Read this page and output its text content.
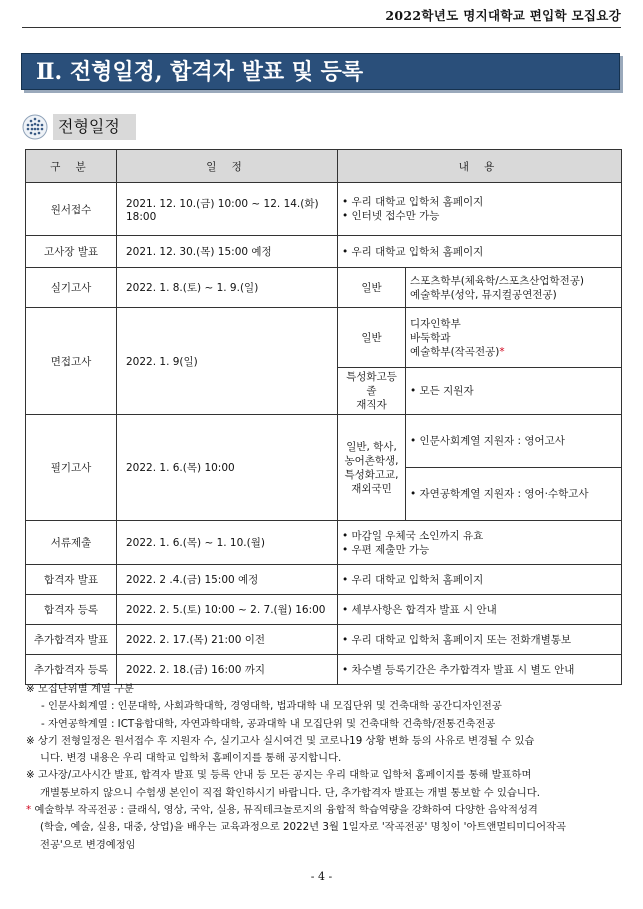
2022학년도 명지대학교 편입학 모집요강
Ⅱ. 전형일정, 합격자 발표 및 등록
전형일정
구 분	일 정	내 용	
원서접수	2021. 12. 10.(금) 10:00 ~ 12. 14.(화) 18:00	• 우리 대학교 입학처 홈페이지
• 인터넷 접수만 가능	

고사장 발표	2021. 12. 30.(목) 15:00 예정	• 우리 대학교 입학처 홈페이지	

실기고사	2022. 1. 8.(토) ~ 1. 9.(일)	일반	스포츠학부(체육학/스포츠산업학전공)
예술학부(성악, 뮤지컬공연전공)

면접고사	2022. 1. 9(일)	일반	디자인학부
바둑학과
예술학부(작곡전공)*

		특성화고등졸
재직자	• 모든 지원자

필기고사	2022. 1. 6.(목) 10:00	일반, 학사,
농어촌학생,
특성화고교,
재외국민	• 인문사회계열 지원자 : 영어고사

			• 자연공학계열 지원자 : 영어·수학고사

서류제출	2022. 1. 6.(목) ~ 1. 10.(월)	• 마감일 우체국 소인까지 유효
• 우편 제출만 가능	

합격자 발표	2022. 2 .4.(금) 15:00 예정	• 우리 대학교 입학처 홈페이지	

합격자 등록	2022. 2. 5.(토) 10:00 ~ 2. 7.(월) 16:00	• 세부사항은 합격자 발표 시 안내	

추가합격자 발표	2022. 2. 17.(목) 21:00 이전	• 우리 대학교 입학처 홈페이지 또는 전화개별통보	

추가합격자 등록	2022. 2. 18.(금) 16:00 까지	• 차수별 등록기간은 추가합격자 발표 시 별도 안내	
※ 모집단위별 계열 구분
- 인문사회계열 : 인문대학, 사회과학대학, 경영대학, 법과대학 내 모집단위 및 건축대학 공간디자인전공
- 자연공학계열 : ICT융합대학, 자연과학대학, 공과대학 내 모집단위 및 건축대학 건축학/전통건축전공
※ 상기 전형일정은 원서접수 후 지원자 수, 실기고사 실시여건 및 코로나19 상황 변화 등의 사유로 변경될 수 있습
니다. 변경 내용은 우리 대학교 입학처 홈페이지를 통해 공지합니다.
※ 고사장/고사시간 발표, 합격자 발표 및 등록 안내 등 모든 공지는 우리 대학교 입학처 홈페이지를 통해 발표하며
개별통보하지 않으니 수험생 본인이 직접 확인하시기 바랍니다. 단, 추가합격자 발표는 개별 통보할 수 있습니다.
* 예술학부 작곡전공 : 클래식, 영상, 국악, 실용, 뮤직테크놀로지의 융합적 학습역량을 강화하여 다양한 음악적성격
(학술, 예술, 실용, 대중, 상업)을 배우는 교육과정으로 2022년 3월 1일자로 '작곡전공' 명칭이 '아트앤멀티미디어작곡
전공'으로 변경예정임
- 4 -
